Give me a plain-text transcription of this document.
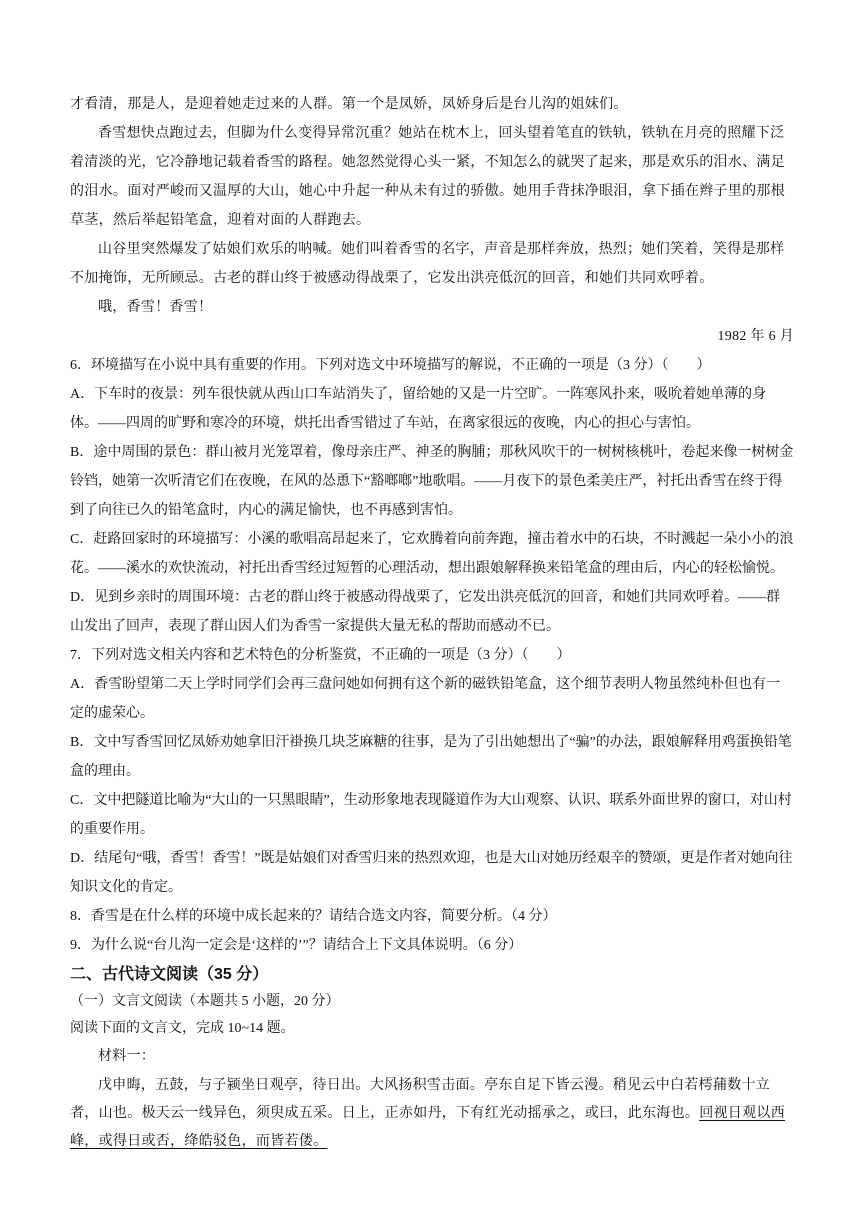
才看清，那是人，是迎着她走过来的人群。第一个是凤娇，凤娇身后是台儿沟的姐妹们。

香雪想快点跑过去，但脚为什么变得异常沉重？她站在枕木上，回头望着笔直的铁轨，铁轨在月亮的照耀下泛着清淡的光，它冷静地记载着香雪的路程。她忽然觉得心头一紧，不知怎么的就哭了起来，那是欢乐的泪水、满足的泪水。面对严峻而又温厚的大山，她心中升起一种从未有过的骄傲。她用手背抹净眼泪，拿下插在辫子里的那根草茎，然后举起铅笔盒，迎着对面的人群跑去。

山谷里突然爆发了姑娘们欢乐的呐喊。她们叫着香雪的名字，声音是那样奔放，热烈；她们笑着，笑得是那样不加掩饰，无所顾忌。古老的群山终于被感动得战栗了，它发出洪亮低沉的回音，和她们共同欢呼着。

哦，香雪！香雪！

1982 年 6 月

6．环境描写在小说中具有重要的作用。下列对选文中环境描写的解说，不正确的一项是（3 分）（　　）

A．下车时的夜景：列车很快就从西山口车站消失了，留给她的又是一片空旷。一阵寒风扑来，吸吮着她单薄的身体。——四周的旷野和寒冷的环境，烘托出香雪错过了车站，在离家很远的夜晚，内心的担心与害怕。

B．途中周围的景色：群山被月光笼罩着，像母亲庄严、神圣的胸脯；那秋风吹干的一树树核桃叶，卷起来像一树树金铃铛，她第一次听清它们在夜晚，在风的怂恿下“豁啷啷”地歌唱。——月夜下的景色柔美庄严，衬托出香雪在终于得到了向往已久的铅笔盒时，内心的满足愉快，也不再感到害怕。

C．赶路回家时的环境描写：小溪的歌唱高昂起来了，它欢腾着向前奔跑，撞击着水中的石块，不时溅起一朵小小的浪花。——溪水的欢快流动，衬托出香雪经过短暂的心理活动，想出跟娘解释换来铅笔盒的理由后，内心的轻松愉悦。

D．见到乡亲时的周围环境：古老的群山终于被感动得战栗了，它发出洪亮低沉的回音，和她们共同欢呼着。——群山发出了回声，表现了群山因人们为香雪一家提供大量无私的帮助而感动不已。

7．下列对选文相关内容和艺术特色的分析鉴赏，不正确的一项是（3 分）（　　）

A．香雪盼望第二天上学时同学们会再三盘问她如何拥有这个新的磁铁铅笔盒，这个细节表明人物虽然纯朴但也有一定的虚荣心。

B．文中写香雪回忆凤娇劝她拿旧汗褂换几块芝麻糖的往事，是为了引出她想出了“骗”的办法，跟娘解释用鸡蛋换铅笔盒的理由。

C．文中把隧道比喻为“大山的一只黑眼睛”，生动形象地表现隧道作为大山观察、认识、联系外面世界的窗口，对山村的重要作用。

D．结尾句“哦，香雪！香雪！”既是姑娘们对香雪归来的热烈欢迎，也是大山对她历经艰辛的赞颂，更是作者对她向往知识文化的肯定。

8．香雪是在什么样的环境中成长起来的？请结合选文内容，简要分析。（4 分）

9．为什么说“台儿沟一定会是‘这样的’”？请结合上下文具体说明。（6 分）

二、古代诗文阅读（35 分）

（一）文言文阅读（本题共 5 小题，20 分）

阅读下面的文言文，完成 10~14 题。

材料一：

戊申晦，五鼓，与子颍坐日观亭，待日出。大风扬积雪击面。亭东自足下皆云漫。稍见云中白若樗蒱数十立者，山也。极天云一线异色，须臾成五采。日上，正赤如丹，下有红光动摇承之，或曰，此东海也。回视日观以西峰，或得日或否，绛皓驳色，而皆若偻。
